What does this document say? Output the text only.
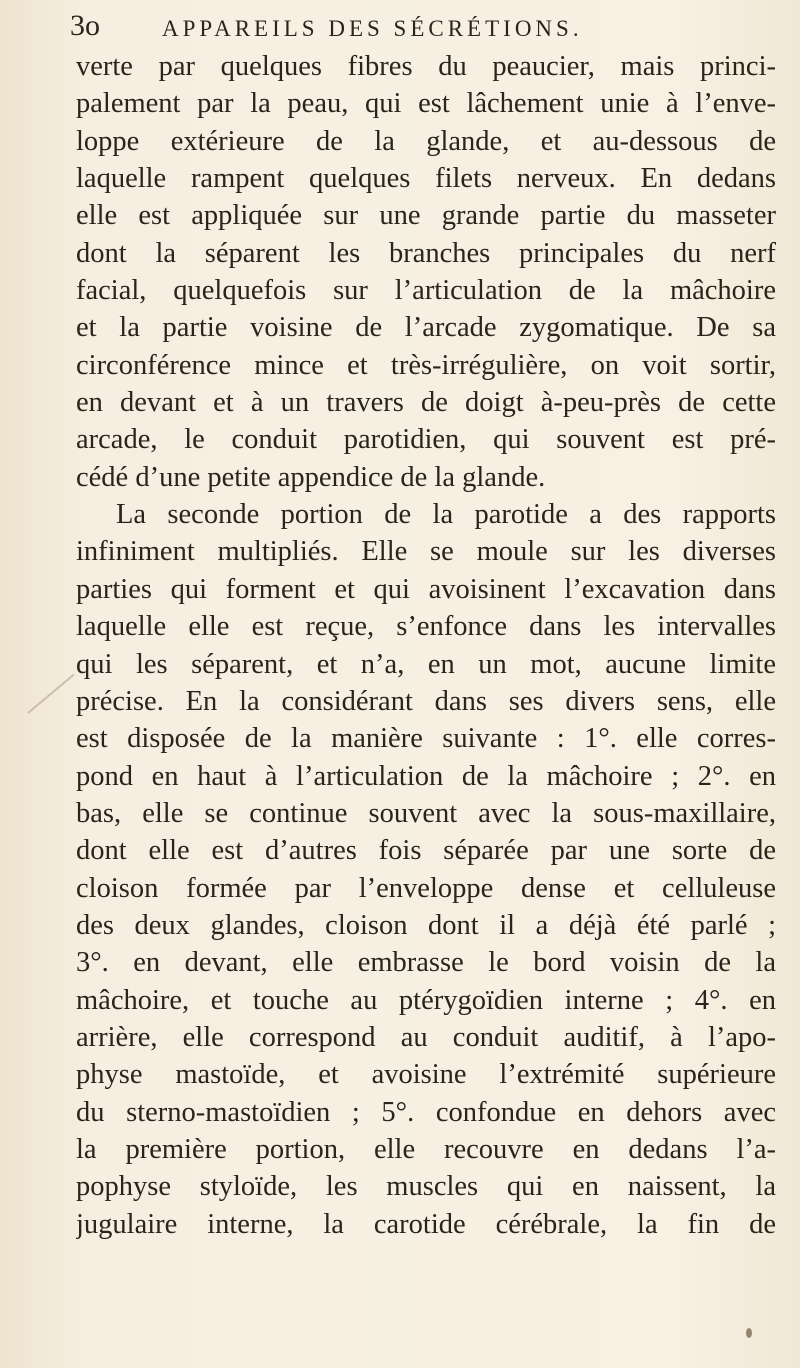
3o	APPAREILS DES SÉCRÉTIONS.
verte par quelques fibres du peaucier, mais princi-
palement par la peau, qui est lâchement unie à l’enve-
loppe extérieure de la glande, et au-dessous de
laquelle rampent quelques filets nerveux. En dedans
elle est appliquée sur une grande partie du masseter
dont la séparent les branches principales du nerf
facial, quelquefois sur l’articulation de la mâchoire
et la partie voisine de l’arcade zygomatique. De sa
circonférence mince et très-irrégulière, on voit sortir,
en devant et à un travers de doigt à-peu-près de cette
arcade, le conduit parotidien, qui souvent est pré-
cédé d’une petite appendice de la glande.
La seconde portion de la parotide a des rapports
infiniment multipliés. Elle se moule sur les diverses
parties qui forment et qui avoisinent l’excavation dans
laquelle elle est reçue, s’enfonce dans les intervalles
qui les séparent, et n’a, en un mot, aucune limite
précise. En la considérant dans ses divers sens, elle
est disposée de la manière suivante : 1°. elle corres-
pond en haut à l’articulation de la mâchoire ; 2°. en
bas, elle se continue souvent avec la sous-maxillaire,
dont elle est d’autres fois séparée par une sorte de
cloison formée par l’enveloppe dense et celluleuse
des deux glandes, cloison dont il a déjà été parlé ;
3°. en devant, elle embrasse le bord voisin de la
mâchoire, et touche au ptérygoïdien interne ; 4°. en
arrière, elle correspond au conduit auditif, à l’apo-
physe mastoïde, et avoisine l’extrémité supérieure
du sterno-mastoïdien ; 5°. confondue en dehors avec
la première portion, elle recouvre en dedans l’a-
pophyse styloïde, les muscles qui en naissent, la
jugulaire interne, la carotide cérébrale, la fin de
